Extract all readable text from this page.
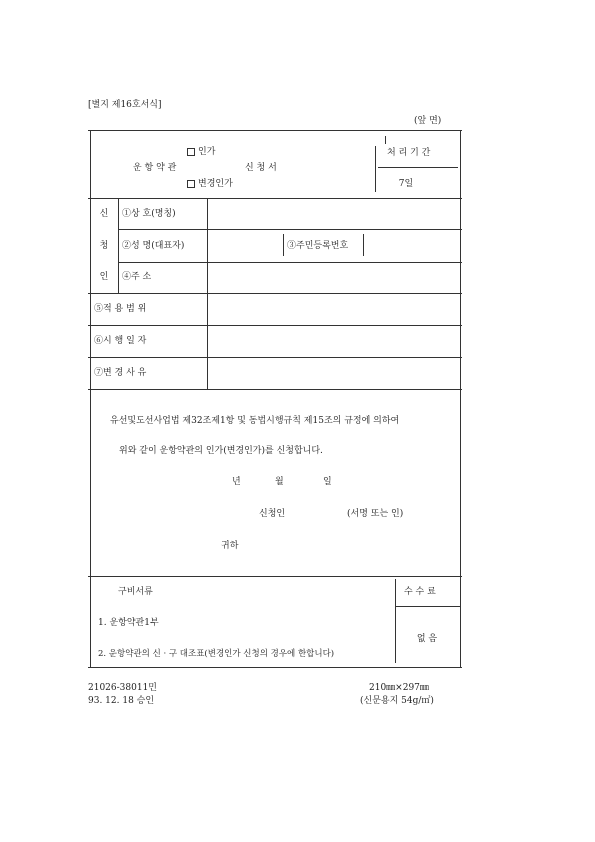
[별지 제16호서식]
(앞 면)
인가
운 항 약 관	신 청 서
변경인가
처 리 기 간
7일
신
청
인
①상 호(명칭)
②성 명(대표자)	③주민등록번호
④주 소
⑤적 용 범 위
⑥시 행 일 자
⑦변 경 사 유
유선및도선사업법 제32조제1항 및 동법시행규칙 제15조의 규정에 의하여
위와 같이 운항약관의 인가(변경인가)를 신청합니다.
년	월	일
신청인	(서명 또는 인)
귀하
구비서류	수 수 료
1. 운항약관1부
없 음
2. 운항약관의 신 · 구 대조표(변경인가 신청의 경우에 한합니다)
21026-38011민
93. 12. 18 승인
210㎜×297㎜
(신문용지 54g/㎡)
